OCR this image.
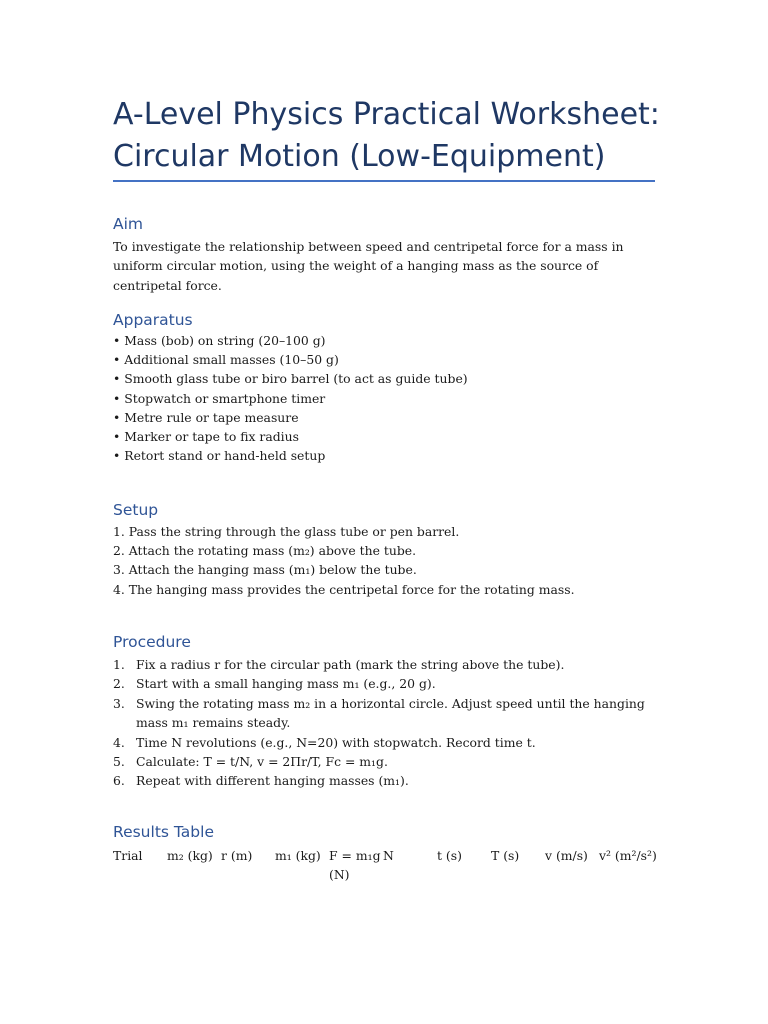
A-Level Physics Practical Worksheet: Circular Motion (Low-Equipment)
Aim

To investigate the relationship between speed and centripetal force for a mass in uniform circular motion, using the weight of a hanging mass as the source of centripetal force.

Apparatus
• Mass (bob) on string (20–100 g)
• Additional small masses (10–50 g)
• Smooth glass tube or biro barrel (to act as guide tube)
• Stopwatch or smartphone timer
• Metre rule or tape measure
• Marker or tape to fix radius
• Retort stand or hand-held setup
Setup
1. Pass the string through the glass tube or pen barrel.
2. Attach the rotating mass (m₂) above the tube.
3. Attach the hanging mass (m₁) below the tube.
4. The hanging mass provides the centripetal force for the rotating mass.
Procedure
1. Fix a radius r for the circular path (mark the string above the tube).
2. Start with a small hanging mass m₁ (e.g., 20 g).
3. Swing the rotating mass m₂ in a horizontal circle. Adjust speed until the hanging mass m₁ remains steady.
4. Time N revolutions (e.g., N=20) with stopwatch. Record time t.
5. Calculate: T = t/N, v = 2Πr/T, Fc = m₁g.
6. Repeat with different hanging masses (m₁).
Results Table
Trial	m₂ (kg)	r (m)	m₁ (kg)	F = m₁g (N)	N	t (s)	T (s)	v (m/s)	v² (m²/s²)
